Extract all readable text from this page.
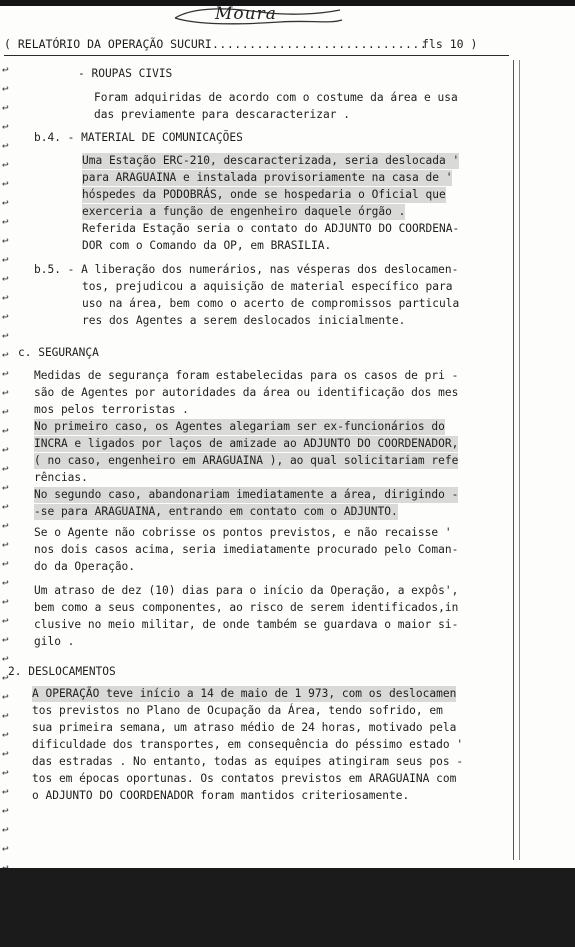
Moura
( RELATÓRIO DA OPERAÇÃO SUCURI .............................
fls 10 )
↩
↩
↩
↩
↩
↩
↩
↩
↩
↩
↩
↩
↩
↩
↩
↩
↩
↩
↩
↩
↩
↩
↩
↩
↩
↩
↩
↩
↩
↩
↩
↩
↩
↩
↩
↩
↩
↩
↩
↩
↩
↩

- ROUPAS CIVIS
Foram adquiridas de acordo com o costume da área e usa
das previamente para descaracterizar .
b.4. - MATERIAL DE COMUNICAÇÕES
Uma Estação ERC-210, descaracterizada, seria deslocada '
para ARAGUAINA e instalada provisoriamente na casa de '
hóspedes da PODOBRÁS, onde se hospedaria o Oficial que
exerceria a função de engenheiro daquele órgão .
Referida Estação seria o contato do ADJUNTO DO COORDENA-
DOR com o Comando da OP, em BRASILIA.
b.5. - A liberação dos numerários, nas vésperas dos deslocamen-
tos, prejudicou a aquisição de material específico para
uso na área, bem como o acerto de compromissos particula
res dos Agentes a serem deslocados inicialmente.
c. SEGURANÇA
Medidas de segurança foram estabelecidas para os casos de pri -
são de Agentes por autoridades da área ou identificação dos mes
mos pelos terroristas .
No primeiro caso, os Agentes alegariam ser ex-funcionários do
INCRA e ligados por laços de amizade ao ADJUNTO DO COORDENADOR,
( no caso, engenheiro em ARAGUAINA ), ao qual solicitariam refe
rências.
No segundo caso, abandonariam imediatamente a área, dirigindo -
-se para ARAGUAINA, entrando em contato com o ADJUNTO.
Se o Agente não cobrisse os pontos previstos, e não recaisse '
nos dois casos acima, seria imediatamente procurado pelo Coman-
do da Operação.
Um atraso de dez (10) dias para o início da Operação, a expôs',
bem como a seus componentes, ao risco de serem identificados,in
clusive no meio militar, de onde também se guardava o maior si-
gilo .
2. DESLOCAMENTOS
A OPERAÇÃO teve início a 14 de maio de 1 973, com os deslocamen
tos previstos no Plano de Ocupação da Área, tendo sofrido, em
sua primeira semana, um atraso médio de 24 horas, motivado pela
dificuldade dos transportes, em consequência do péssimo estado '
das estradas . No entanto, todas as equipes atingiram seus pos -
tos em épocas oportunas. Os contatos previstos em ARAGUAINA com
o ADJUNTO DO COORDENADOR foram mantidos criteriosamente.
